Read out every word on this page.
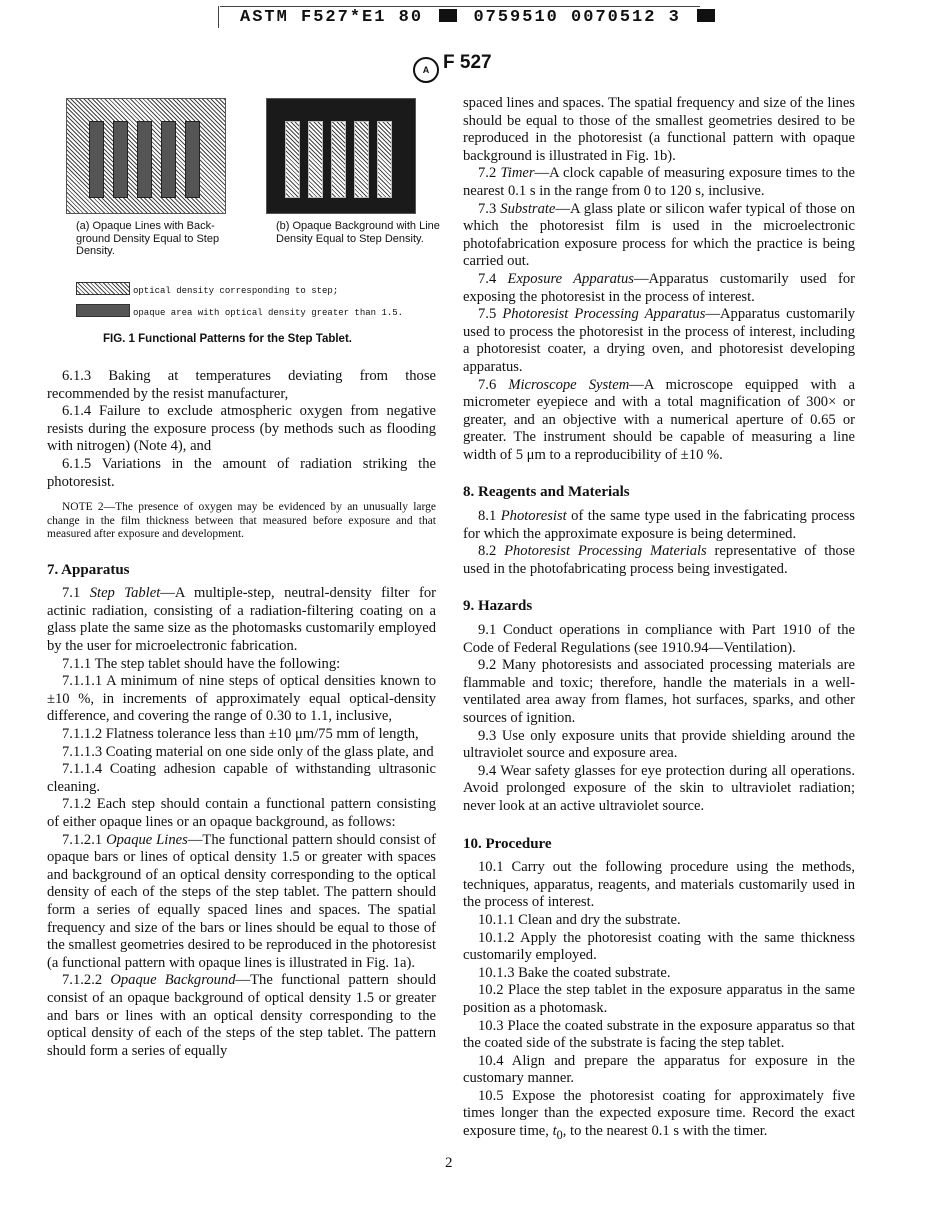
ASTM F527*E1 80	0759510 0070512 3
A F 527
(a) Opaque Lines with Back-ground Density Equal to Step Density.
(b) Opaque Background with Line Density Equal to Step Density.
optical density corresponding to step;
opaque area with optical density greater than 1.5.
FIG. 1 Functional Patterns for the Step Tablet.

6.1.3 Baking at temperatures deviating from those recommended by the resist manufacturer,

6.1.4 Failure to exclude atmospheric oxygen from negative resists during the exposure process (by methods such as flooding with nitrogen) (Note 4), and

6.1.5 Variations in the amount of radiation striking the photoresist.

NOTE 2—The presence of oxygen may be evidenced by an unusually large change in the film thickness between that measured before exposure and that measured after exposure and development.

7. Apparatus

7.1 Step Tablet—A multiple-step, neutral-density filter for actinic radiation, consisting of a radiation-filtering coating on a glass plate the same size as the photomasks customarily employed by the user for microelectronic fabrication.

7.1.1 The step tablet should have the following:

7.1.1.1 A minimum of nine steps of optical densities known to ±10 %, in increments of approximately equal optical-density difference, and covering the range of 0.30 to 1.1, inclusive,

7.1.1.2 Flatness tolerance less than ±10 μm/75 mm of length,

7.1.1.3 Coating material on one side only of the glass plate, and

7.1.1.4 Coating adhesion capable of withstanding ultrasonic cleaning.

7.1.2 Each step should contain a functional pattern consisting of either opaque lines or an opaque background, as follows:

7.1.2.1 Opaque Lines—The functional pattern should consist of opaque bars or lines of optical density 1.5 or greater with spaces and background of an optical density corresponding to the optical density of each of the steps of the step tablet. The pattern should form a series of equally spaced lines and spaces. The spatial frequency and size of the bars or lines should be equal to those of the smallest geometries desired to be reproduced in the photoresist (a functional pattern with opaque lines is illustrated in Fig. 1a).

7.1.2.2 Opaque Background—The functional pattern should consist of an opaque background of optical density 1.5 or greater and bars or lines with an optical density corresponding to the optical density of each of the steps of the step tablet. The pattern should form a series of equally

spaced lines and spaces. The spatial frequency and size of the lines should be equal to those of the smallest geometries desired to be reproduced in the photoresist (a functional pattern with opaque background is illustrated in Fig. 1b).

7.2 Timer—A clock capable of measuring exposure times to the nearest 0.1 s in the range from 0 to 120 s, inclusive.

7.3 Substrate—A glass plate or silicon wafer typical of those on which the photoresist film is used in the microelectronic photofabrication exposure process for which the practice is being carried out.

7.4 Exposure Apparatus—Apparatus customarily used for exposing the photoresist in the process of interest.

7.5 Photoresist Processing Apparatus—Apparatus customarily used to process the photoresist in the process of interest, including a photoresist coater, a drying oven, and photoresist developing apparatus.

7.6 Microscope System—A microscope equipped with a micrometer eyepiece and with a total magnification of 300× or greater, and an objective with a numerical aperture of 0.65 or greater. The instrument should be capable of measuring a line width of 5 μm to a reproducibility of ±10 %.

8. Reagents and Materials

8.1 Photoresist of the same type used in the fabricating process for which the approximate exposure is being determined.

8.2 Photoresist Processing Materials representative of those used in the photofabricating process being investigated.

9. Hazards

9.1 Conduct operations in compliance with Part 1910 of the Code of Federal Regulations (see 1910.94—Ventilation).

9.2 Many photoresists and associated processing materials are flammable and toxic; therefore, handle the materials in a well-ventilated area away from flames, hot surfaces, sparks, and other sources of ignition.

9.3 Use only exposure units that provide shielding around the ultraviolet source and exposure area.

9.4 Wear safety glasses for eye protection during all operations. Avoid prolonged exposure of the skin to ultraviolet radiation; never look at an active ultraviolet source.

10. Procedure

10.1 Carry out the following procedure using the methods, techniques, apparatus, reagents, and materials customarily used in the process of interest.

10.1.1 Clean and dry the substrate.

10.1.2 Apply the photoresist coating with the same thickness customarily employed.

10.1.3 Bake the coated substrate.

10.2 Place the step tablet in the exposure apparatus in the same position as a photomask.

10.3 Place the coated substrate in the exposure apparatus so that the coated side of the substrate is facing the step tablet.

10.4 Align and prepare the apparatus for exposure in the customary manner.

10.5 Expose the photoresist coating for approximately five times longer than the expected exposure time. Record the exact exposure time, $t_0$, to the nearest 0.1 s with the timer.

2
